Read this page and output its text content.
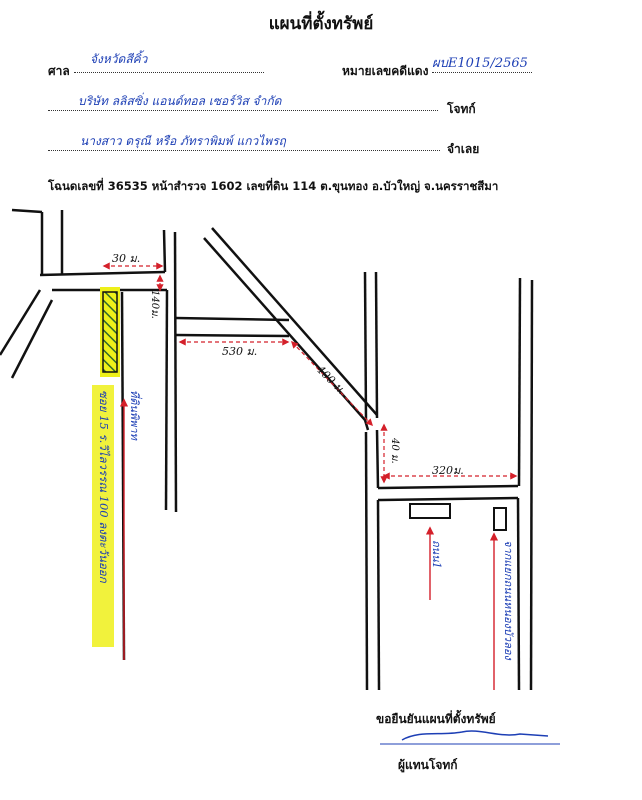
แผนที่ตั้งทรัพย์
ศาล
จังหวัดสีคิ้ว
หมายเลขคดีแดง ผบE1015/2565
บริษัท ลลิสซิ่ง แอนด์ทอล เซอร์วิส จำกัด
โจทก์
นางสาว ดรุณี หรือ ภัทราพิมพ์ แกวไพรฤ
จำเลย
โฉนดเลขที่ 36535 หน้าสำรวจ 1602 เลขที่ดิน 114 ต.ขุนทอง อ.บัวใหญ่ จ.นครราชสีมา
30 ม.
530 ม.
320ม.
140ม.
400 ม.
40 ม.
ที่ดินพิพาท
ซอย 15 ร.วิไลวรรณ 100 ลงตะวันออก	ถนน1	จากแยกถนนหนองบัวลอง
ขอยืนยันแผนที่ตั้งทรัพย์
ผู้แทนโจทก์
